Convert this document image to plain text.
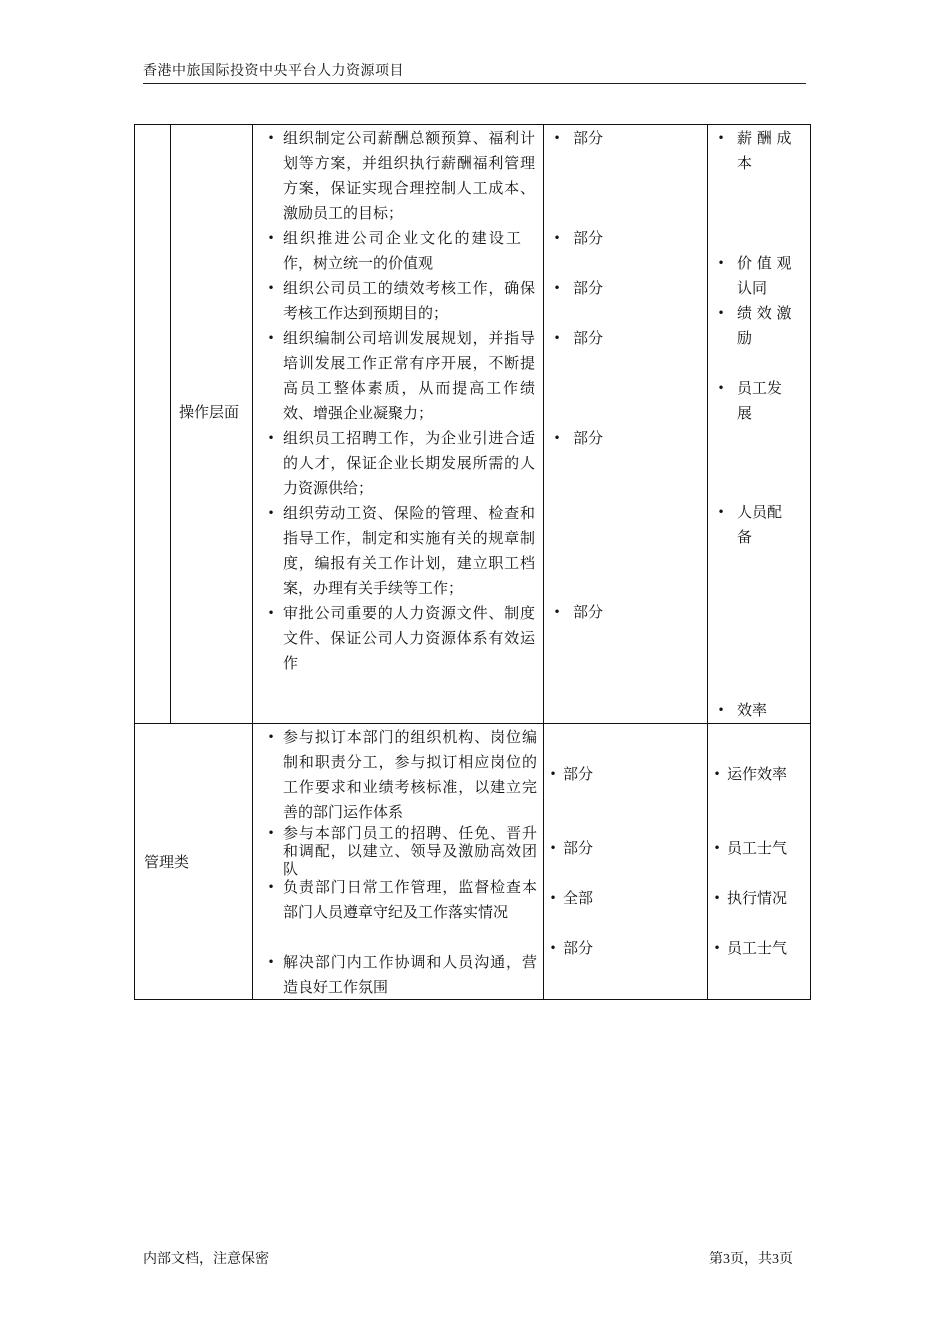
香港中旅国际投资中央平台人力资源项目
操作层面
• 组织制定公司薪酬总额预算、福利计划等方案，并组织执行薪酬福利管理方案，保证实现合理控制人工成本、激励员工的目标；
• 组织推进公司企业文化的建设工作，树立统一的价值观
• 组织公司员工的绩效考核工作，确保考核工作达到预期目的；
• 组织编制公司培训发展规划，并指导培训发展工作正常有序开展，不断提高员工整体素质，从而提高工作绩效、增强企业凝聚力；
• 组织员工招聘工作，为企业引进合适的人才，保证企业长期发展所需的人力资源供给；
• 组织劳动工资、保险的管理、检查和指导工作，制定和实施有关的规章制度，编报有关工作计划，建立职工档案，办理有关手续等工作；
• 审批公司重要的人力资源文件、制度文件、保证公司人力资源体系有效运作
• 部分
• 部分
• 部分
• 部分
• 部分
• 部分
• 薪 酬 成本
• 价 值 观认同
• 绩 效 激励
• 员工发展
• 人员配备
• 效率
管理类
• 参与拟订本部门的组织机构、岗位编制和职责分工，参与拟订相应岗位的工作要求和业绩考核标准，以建立完善的部门运作体系
• 参与本部门员工的招聘、任免、晋升和调配，以建立、领导及激励高效团队
• 负责部门日常工作管理，监督检查本部门人员遵章守纪及工作落实情况
• 解决部门内工作协调和人员沟通，营造良好工作氛围
• 部分
• 部分
• 全部
• 部分
• 运作效率
• 员工士气
• 执行情况
• 员工士气
内部文档，注意保密	第3页，共3页
